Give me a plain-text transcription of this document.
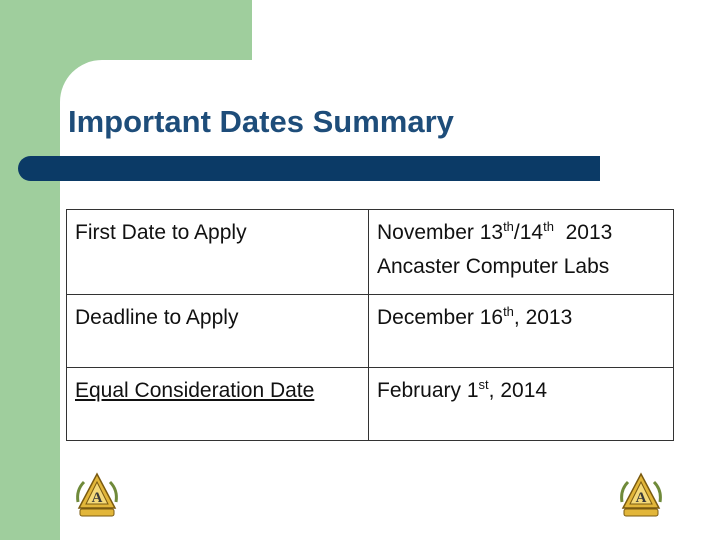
Important Dates Summary
First Date to Apply	November 13th/14th  2013
Ancaster Computer Labs

Deadline to Apply	December 16th, 2013
Equal Consideration Date	February 1st, 2014
A	A
